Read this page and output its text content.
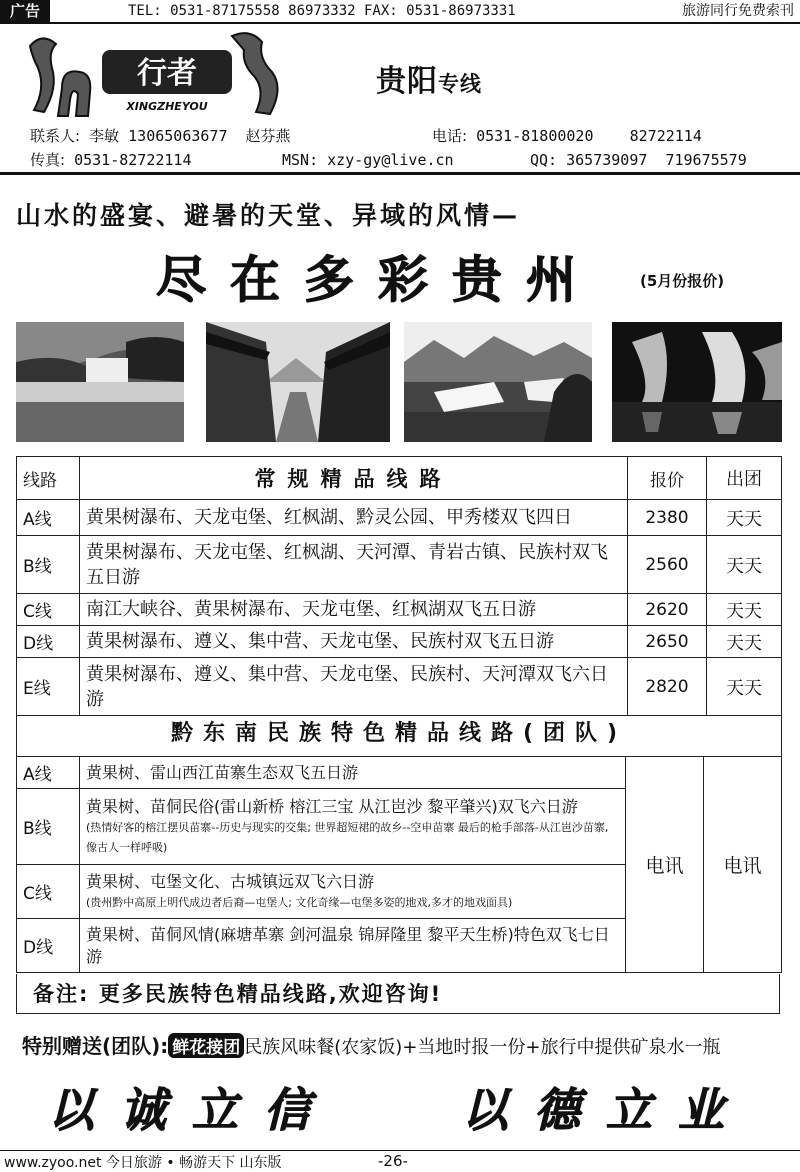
广告	TEL: 0531-87175558 86973332 FAX: 0531-86973331	旅游同行免费索刊
行者
XINGZHEYOU
贵阳专线
联系人: 李敏 13065063677 赵芬燕	电话: 0531-81800020 82722114
传真: 0531-82722114	MSN: xzy-gy@live.cn	QQ: 365739097 719675579
山水的盛宴、避暑的天堂、异域的风情—
尽在多彩贵州	(5月份报价)
线路	常规精品线路	报价	出团
A线	黄果树瀑布、天龙屯堡、红枫湖、黔灵公园、甲秀楼双飞四日	2380	天天
B线	黄果树瀑布、天龙屯堡、红枫湖、天河潭、青岩古镇、民族村双飞五日游	2560	天天
C线	南江大峡谷、黄果树瀑布、天龙屯堡、红枫湖双飞五日游	2620	天天
D线	黄果树瀑布、遵义、集中营、天龙屯堡、民族村双飞五日游	2650	天天
E线	黄果树瀑布、遵义、集中营、天龙屯堡、民族村、天河潭双飞六日游	2820	天天
黔东南民族特色精品线路(团队)
A线	黄果树、雷山西江苗寨生态双飞五日游	电讯	电讯
B线	黄果树、苗侗民俗(雷山新桥 榕江三宝 从江岜沙 黎平肇兴)双飞六日游
(热情好客的榕江摆贝苗寨--历史与现实的交集; 世界超短裙的故乡--空申苗寨 最后的枪手部落-从江岜沙苗寨,像古人一样呼吸)		

C线	黄果树、屯堡文化、古城镇远双飞六日游
(贵州黔中高原上明代成边者后裔—屯堡人; 文化奇缘—屯堡多姿的地戏,多才的地戏面具)		

D线	黄果树、苗侗风情(麻塘革寨 剑河温泉 锦屏隆里 黎平天生桥)特色双飞七日游		
备注: 更多民族特色精品线路,欢迎咨询!
特别赠送(团队): 鲜花接团 民族风味餐(农家饭)+当地时报一份+旅行中提供矿泉水一瓶
以诚立信	以德立业
www.zyoo.net 今日旅游 • 畅游天下 山东版	-26-
